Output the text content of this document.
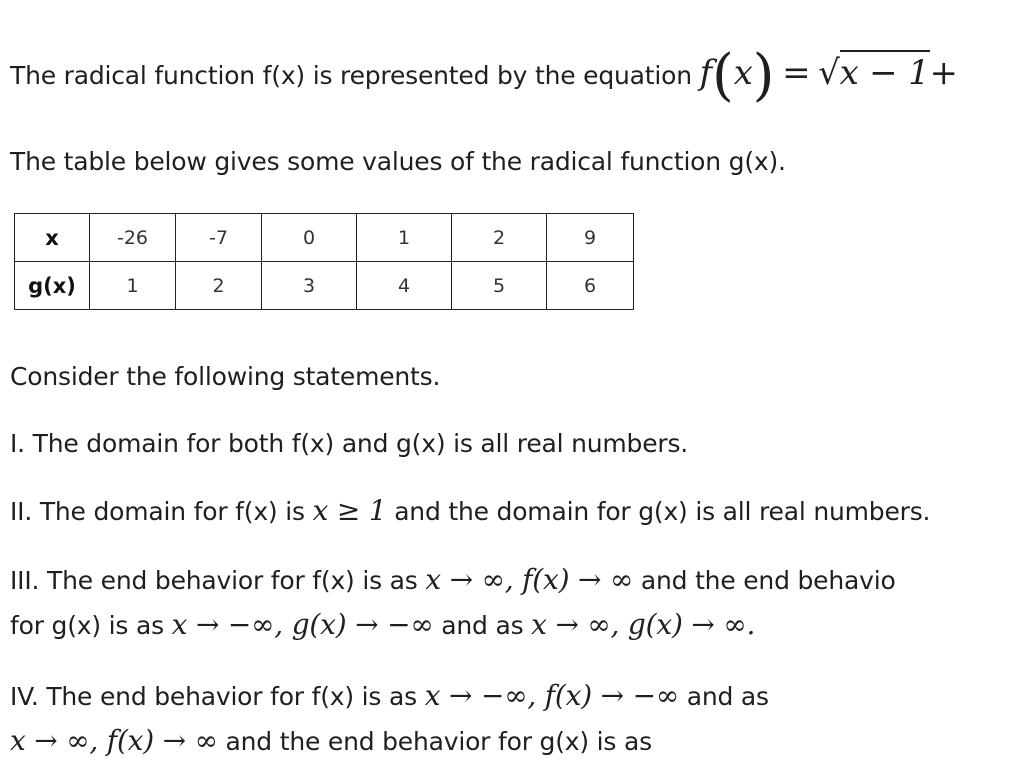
The radical function f(x) is represented by the equation f(x) = √x − 1+
The table below gives some values of the radical function g(x).
x	-26	-7	0	1	2	9
g(x)	1	2	3	4	5	6
Consider the following statements.
I. The domain for both f(x) and g(x) is all real numbers.
II. The domain for f(x) is x ≥ 1 and the domain for g(x) is all real numbers.
III. The end behavior for f(x) is as x → ∞, f(x) → ∞ and the end behavio
for g(x) is as x → −∞, g(x) → −∞ and as x → ∞, g(x) → ∞.
IV. The end behavior for f(x) is as x → −∞, f(x) → −∞ and as
x → ∞, f(x) → ∞ and the end behavior for g(x) is as
